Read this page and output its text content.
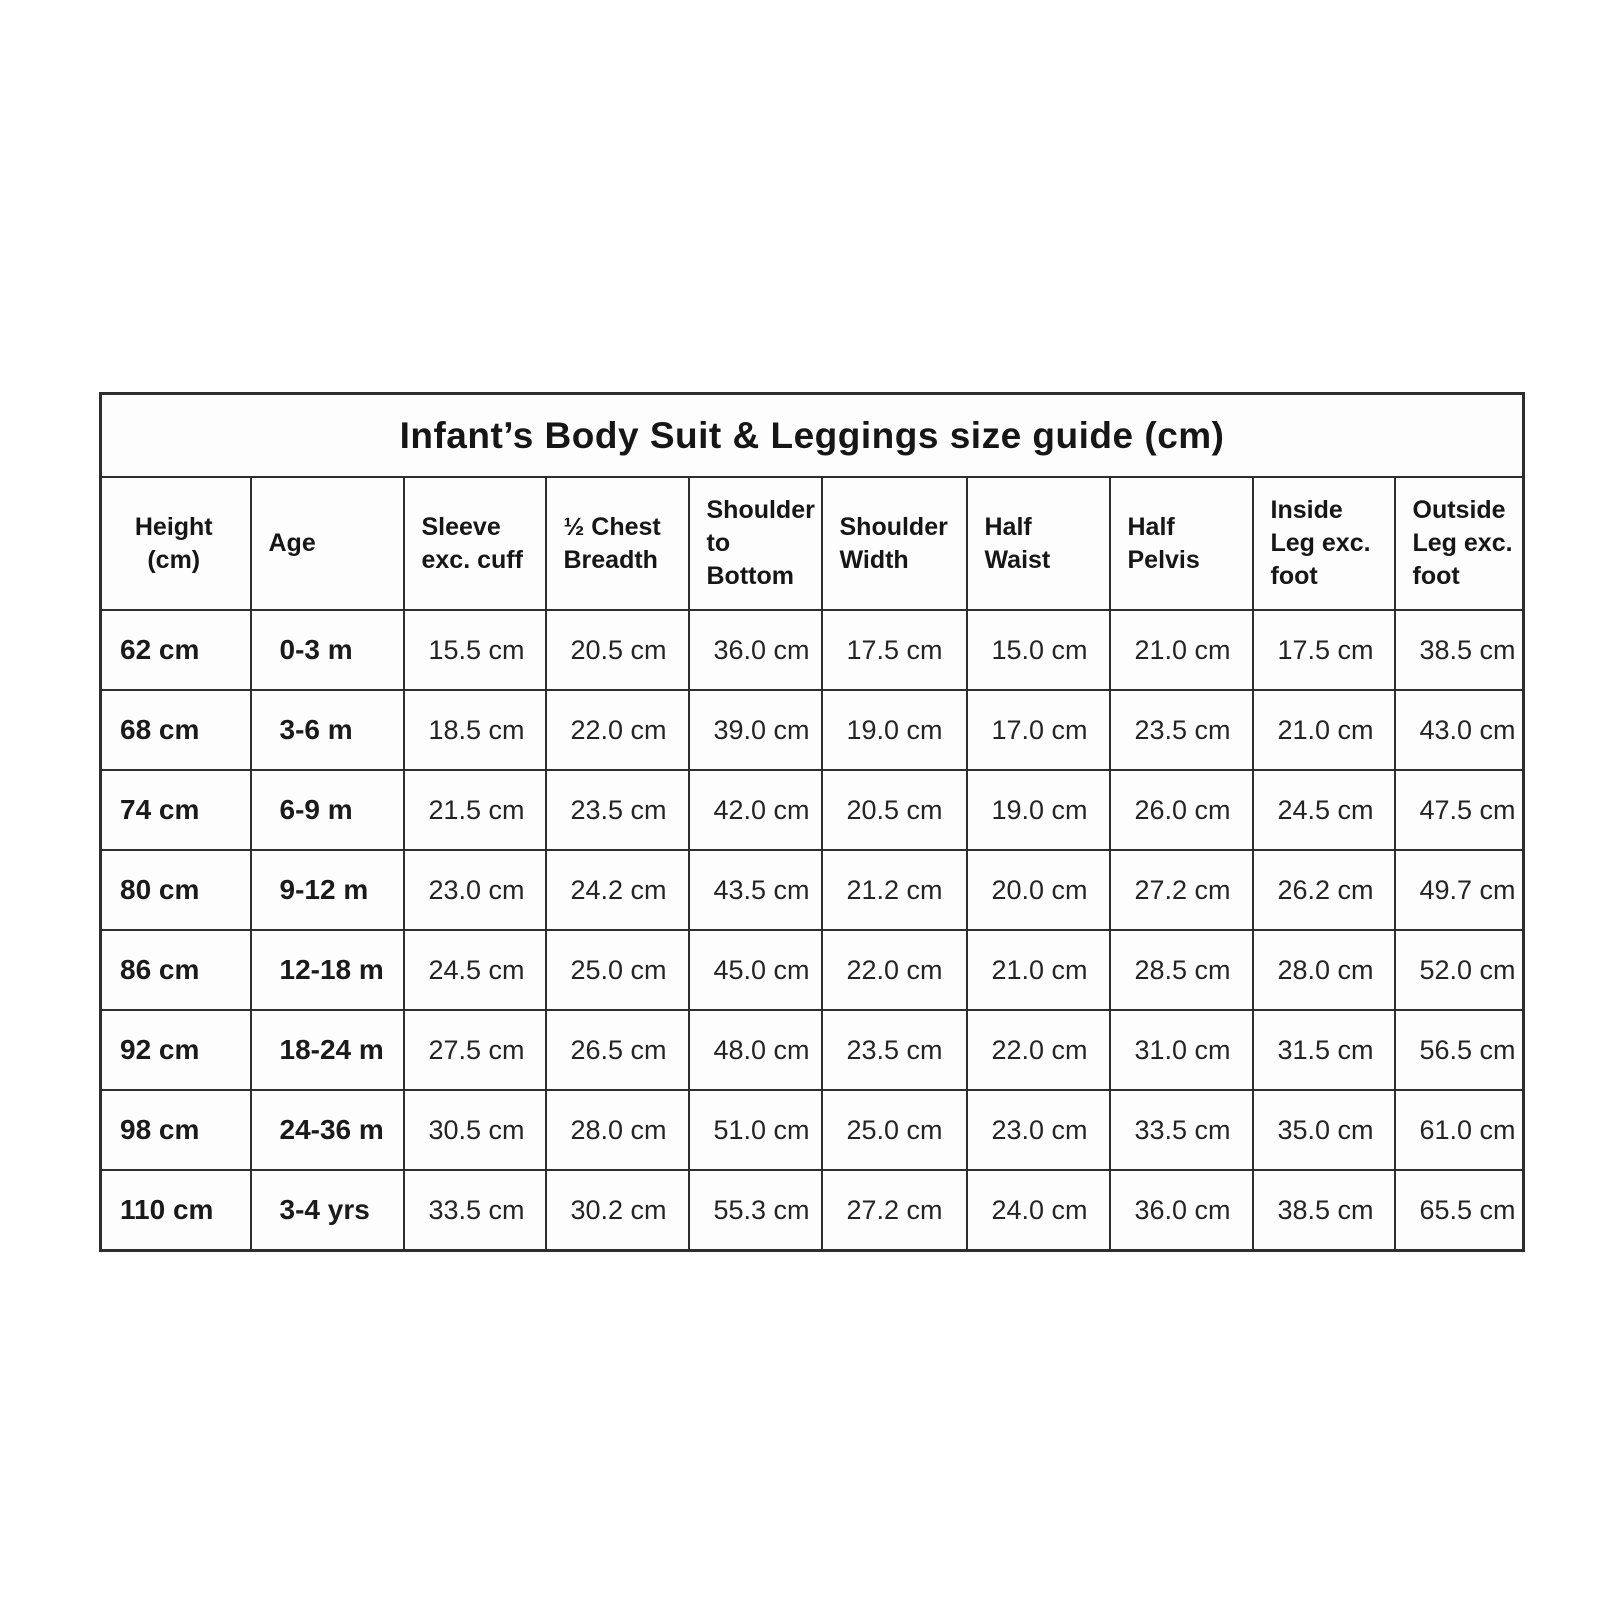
Infant’s Body Suit & Leggings size guide (cm)									
Height (cm)	Age	Sleeve exc. cuff	½ Chest Breadth	Shoulder to Bottom	Shoulder Width	Half Waist	Half Pelvis	Inside Leg exc. foot	Outside Leg exc. foot
62 cm	0-3 m	15.5 cm	20.5 cm	36.0 cm	17.5 cm	15.0 cm	21.0 cm	17.5 cm	38.5 cm
68 cm	3-6 m	18.5 cm	22.0 cm	39.0 cm	19.0 cm	17.0 cm	23.5 cm	21.0 cm	43.0 cm
74 cm	6-9 m	21.5 cm	23.5 cm	42.0 cm	20.5 cm	19.0 cm	26.0 cm	24.5 cm	47.5 cm
80 cm	9-12 m	23.0 cm	24.2 cm	43.5 cm	21.2 cm	20.0 cm	27.2 cm	26.2 cm	49.7 cm
86 cm	12-18 m	24.5 cm	25.0 cm	45.0 cm	22.0 cm	21.0 cm	28.5 cm	28.0 cm	52.0 cm
92 cm	18-24 m	27.5 cm	26.5 cm	48.0 cm	23.5 cm	22.0 cm	31.0 cm	31.5 cm	56.5 cm
98 cm	24-36 m	30.5 cm	28.0 cm	51.0 cm	25.0 cm	23.0 cm	33.5 cm	35.0 cm	61.0 cm
110 cm	3-4 yrs	33.5 cm	30.2 cm	55.3 cm	27.2 cm	24.0 cm	36.0 cm	38.5 cm	65.5 cm
